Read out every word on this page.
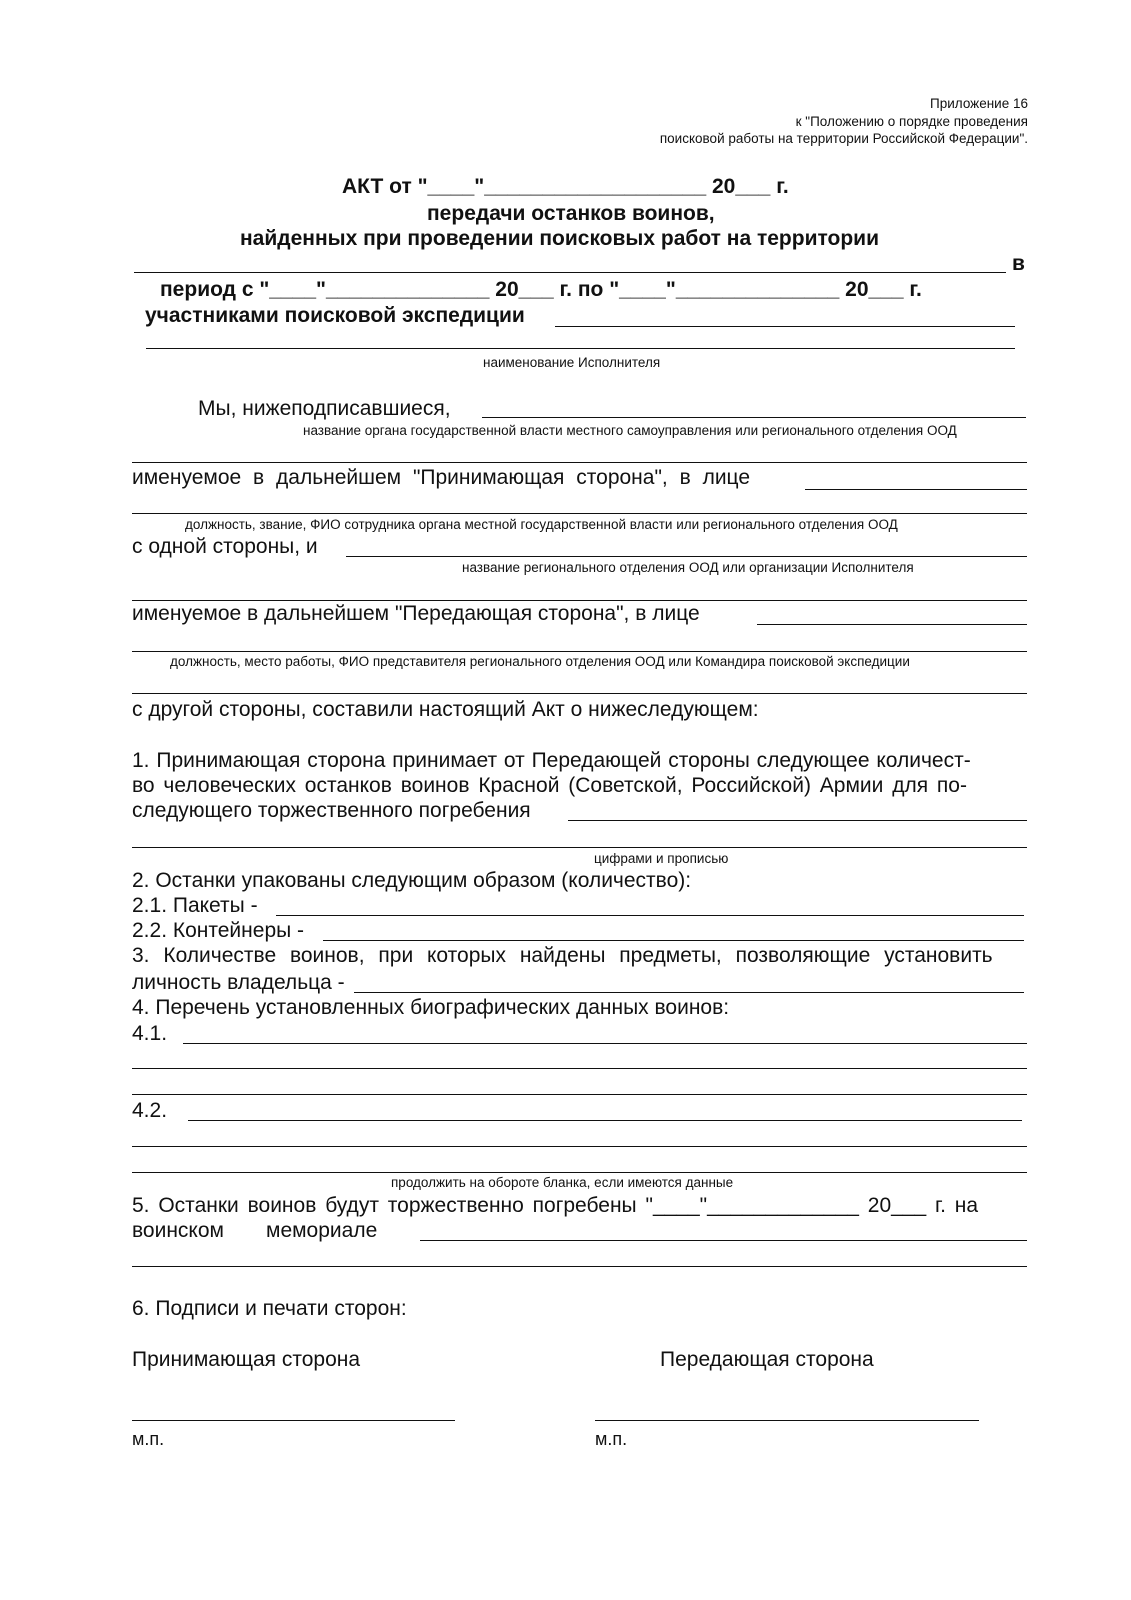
Приложение 16
к "Положению о порядке проведения
поисковой работы на территории Российской Федерации".
АКТ от "____"___________________ 20___ г.
передачи останков воинов,
найденных при проведении поисковых работ на территории
в
период с "____"______________ 20___ г. по "____"______________ 20___ г.
участниками поисковой экспедиции
наименование Исполнителя
Мы, нижеподписавшиеся,
название органа государственной власти местного самоуправления или регионального отделения ООД
именуемое в дальнейшем "Принимающая сторона", в лице
должность, звание, ФИО сотрудника органа местной государственной власти или регионального отделения ООД
с одной стороны, и
название регионального отделения ООД или организации Исполнителя
именуемое в дальнейшем "Передающая сторона", в лице
должность, место работы, ФИО представителя регионального отделения ООД или Командира поисковой экспедиции
с другой стороны, составили настоящий Акт о нижеследующем:
1. Принимающая сторона принимает от Передающей стороны следующее количест-
во человеческих останков воинов Красной (Советской, Российской) Армии для по-
следующего торжественного погребения
цифрами и прописью
2. Останки упакованы следующим образом (количество):
2.1. Пакеты -
2.2. Контейнеры -
3. Количестве воинов, при которых найдены предметы, позволяющие установить
личность владельца -
4. Перечень установленных биографических данных воинов:
4.1.
4.2.
продолжить на обороте бланка, если имеются данные
5. Останки воинов будут торжественно погребены "____"_____________ 20___ г. на
воинском мемориале
6. Подписи и печати сторон:
Принимающая сторона	Передающая сторона
м.п.	м.п.
